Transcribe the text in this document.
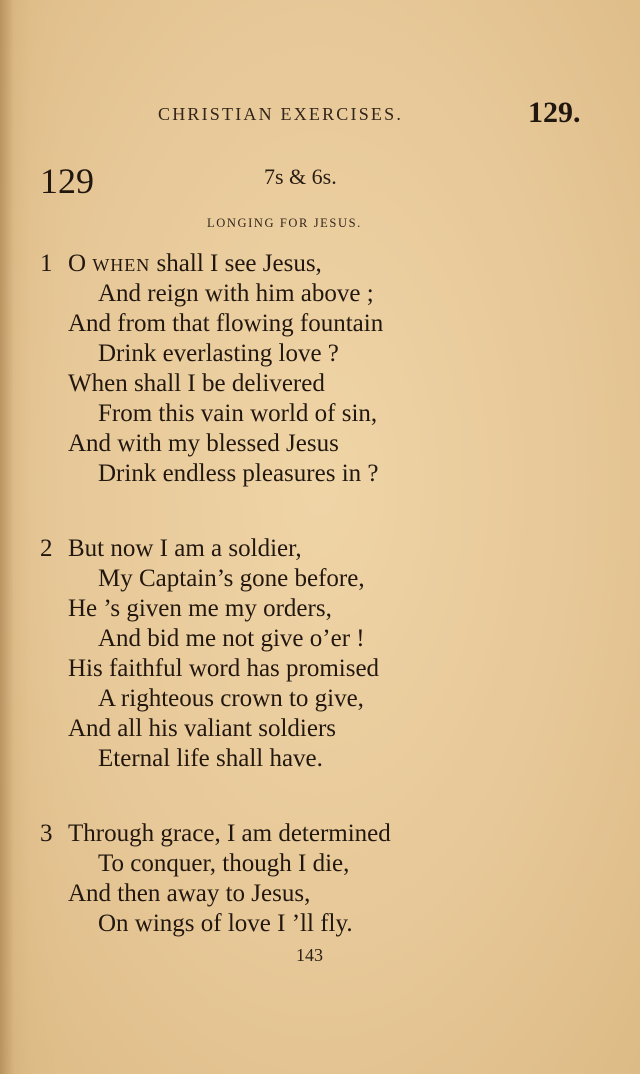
CHRISTIAN EXERCISES.	129.
129	7s & 6s.
LONGING FOR JESUS.
1 O WHEN shall I see Jesus,
And reign with him above ;
And from that flowing fountain
Drink everlasting love ?
When shall I be delivered
From this vain world of sin,
And with my blessed Jesus
Drink endless pleasures in ?
2 But now I am a soldier,
My Captain’s gone before,
He ’s given me my orders,
And bid me not give o’er !
His faithful word has promised
A righteous crown to give,
And all his valiant soldiers
Eternal life shall have.
3 Through grace, I am determined
To conquer, though I die,
And then away to Jesus,
On wings of love I ’ll fly.
143
